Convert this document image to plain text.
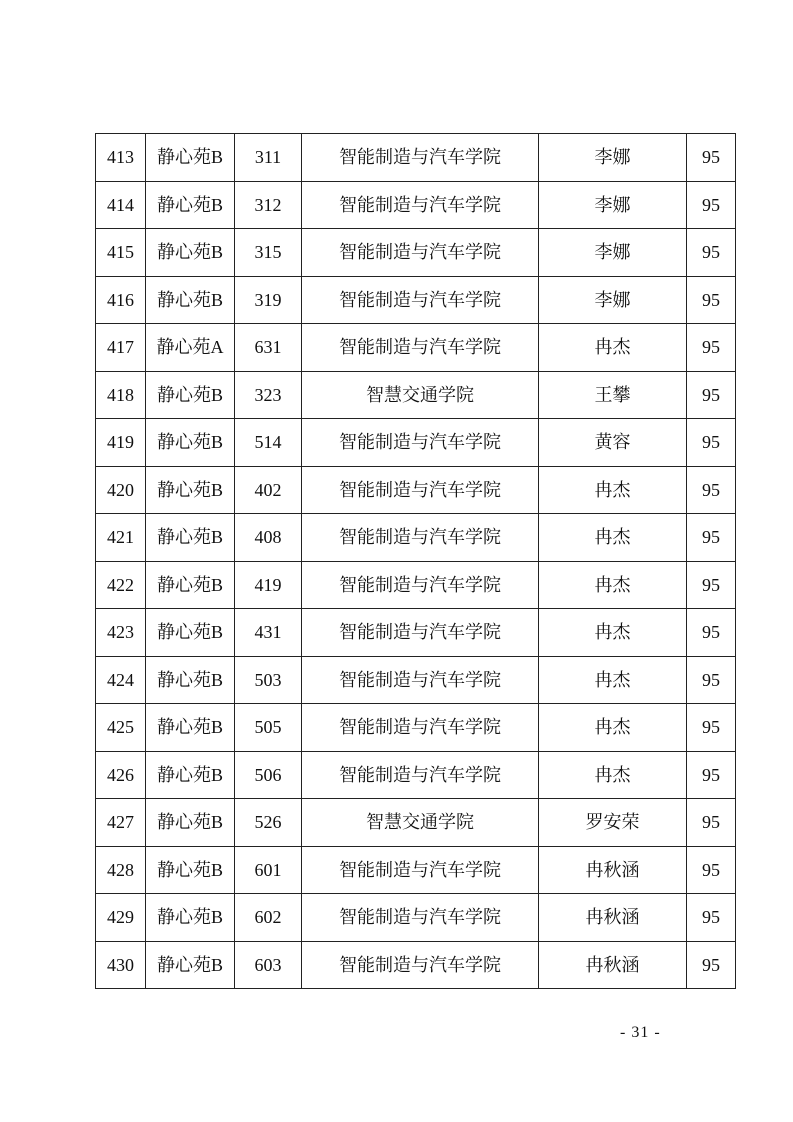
413	静心苑B	311	智能制造与汽车学院	李娜	95
414	静心苑B	312	智能制造与汽车学院	李娜	95
415	静心苑B	315	智能制造与汽车学院	李娜	95
416	静心苑B	319	智能制造与汽车学院	李娜	95
417	静心苑A	631	智能制造与汽车学院	冉杰	95
418	静心苑B	323	智慧交通学院	王攀	95
419	静心苑B	514	智能制造与汽车学院	黄容	95
420	静心苑B	402	智能制造与汽车学院	冉杰	95
421	静心苑B	408	智能制造与汽车学院	冉杰	95
422	静心苑B	419	智能制造与汽车学院	冉杰	95
423	静心苑B	431	智能制造与汽车学院	冉杰	95
424	静心苑B	503	智能制造与汽车学院	冉杰	95
425	静心苑B	505	智能制造与汽车学院	冉杰	95
426	静心苑B	506	智能制造与汽车学院	冉杰	95
427	静心苑B	526	智慧交通学院	罗安荣	95
428	静心苑B	601	智能制造与汽车学院	冉秋涵	95
429	静心苑B	602	智能制造与汽车学院	冉秋涵	95
430	静心苑B	603	智能制造与汽车学院	冉秋涵	95
- 31 -
